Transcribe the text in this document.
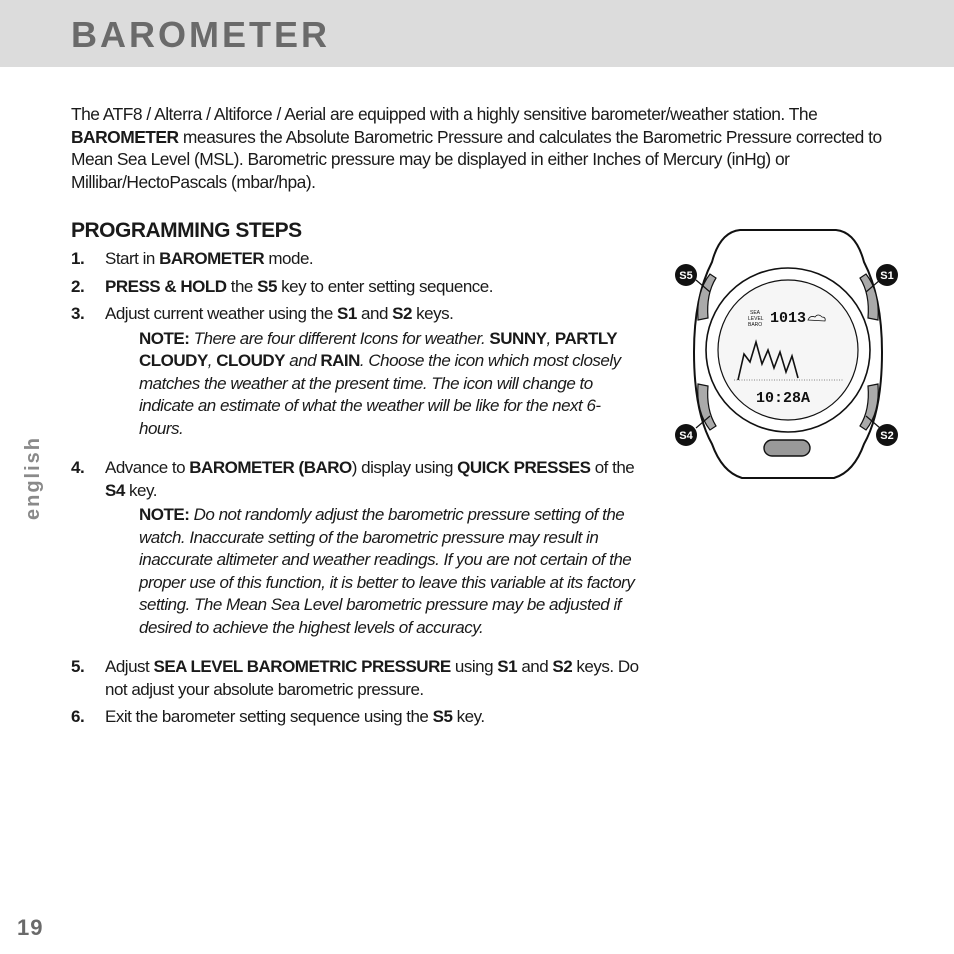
BAROMETER

The ATF8 / Alterra / Altiforce / Aerial are equipped with a highly sensitive barometer/weather station. The BAROMETER measures the Absolute Barometric Pressure and calculates the Barometric Pressure corrected to Mean Sea Level (MSL). Barometric pressure may be displayed in either Inches of Mercury (inHg) or Millibar/HectoPascals (mbar/hpa).

PROGRAMMING STEPS
1. Start in BAROMETER mode.
2. PRESS & HOLD the S5 key to enter setting sequence.
3. Adjust current weather using the S1 and S2 keys.
NOTE: There are four different Icons for weather. SUNNY, PARTLY CLOUDY, CLOUDY and RAIN. Choose the icon which most closely matches the weather at the present time. The icon will change to indicate an estimate of what the weather will be like for the next 6-hours.
4. Advance to BAROMETER (BARO) display using QUICK PRESSES of the S4 key.
NOTE: Do not randomly adjust the barometric pressure setting of the watch. Inaccurate setting of the barometric pressure may result in inaccurate altimeter and weather readings. If you are not certain of the proper use of this function, it is better to leave this variable at its factory setting. The Mean Sea Level barometric pressure may be adjusted if desired to achieve the highest levels of accuracy.
5. Adjust SEA LEVEL BAROMETRIC PRESSURE using S1 and S2 keys. Do not adjust your absolute barometric pressure.
6. Exit the barometer setting sequence using the S5 key.
SEA
LEVEL
BARO 1013
10:28A
S5	S1
S4	S2
english
19
